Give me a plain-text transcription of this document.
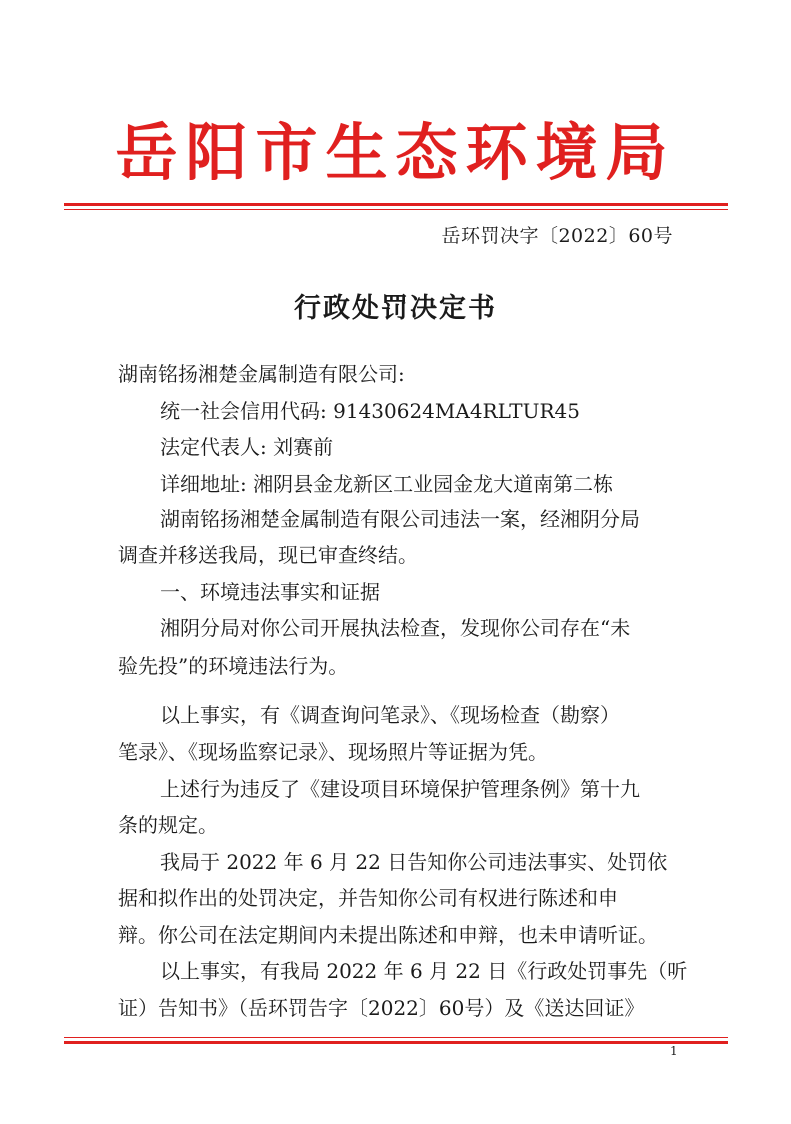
岳阳市生态环境局
岳环罚决字〔2022〕60号
行政处罚决定书
湖南铭扬湘楚金属制造有限公司:
统一社会信用代码: 91430624MA4RLTUR45
法定代表人: 刘赛前
详细地址: 湘阴县金龙新区工业园金龙大道南第二栋
湖南铭扬湘楚金属制造有限公司违法一案，经湘阴分局
调查并移送我局，现已审查终结。
一、环境违法事实和证据
湘阴分局对你公司开展执法检查，发现你公司存在“未
验先投”的环境违法行为。
以上事实，有《调查询问笔录》、《现场检查（勘察）
笔录》、《现场监察记录》、现场照片等证据为凭。
上述行为违反了《建设项目环境保护管理条例》第十九
条的规定。
我局于 2022 年 6 月 22 日告知你公司违法事实、处罚依
据和拟作出的处罚决定，并告知你公司有权进行陈述和申
辩。你公司在法定期间内未提出陈述和申辩，也未申请听证。
以上事实，有我局 2022 年 6 月 22 日《行政处罚事先（听
证）告知书》（岳环罚告字〔2022〕60号）及《送达回证》
1
